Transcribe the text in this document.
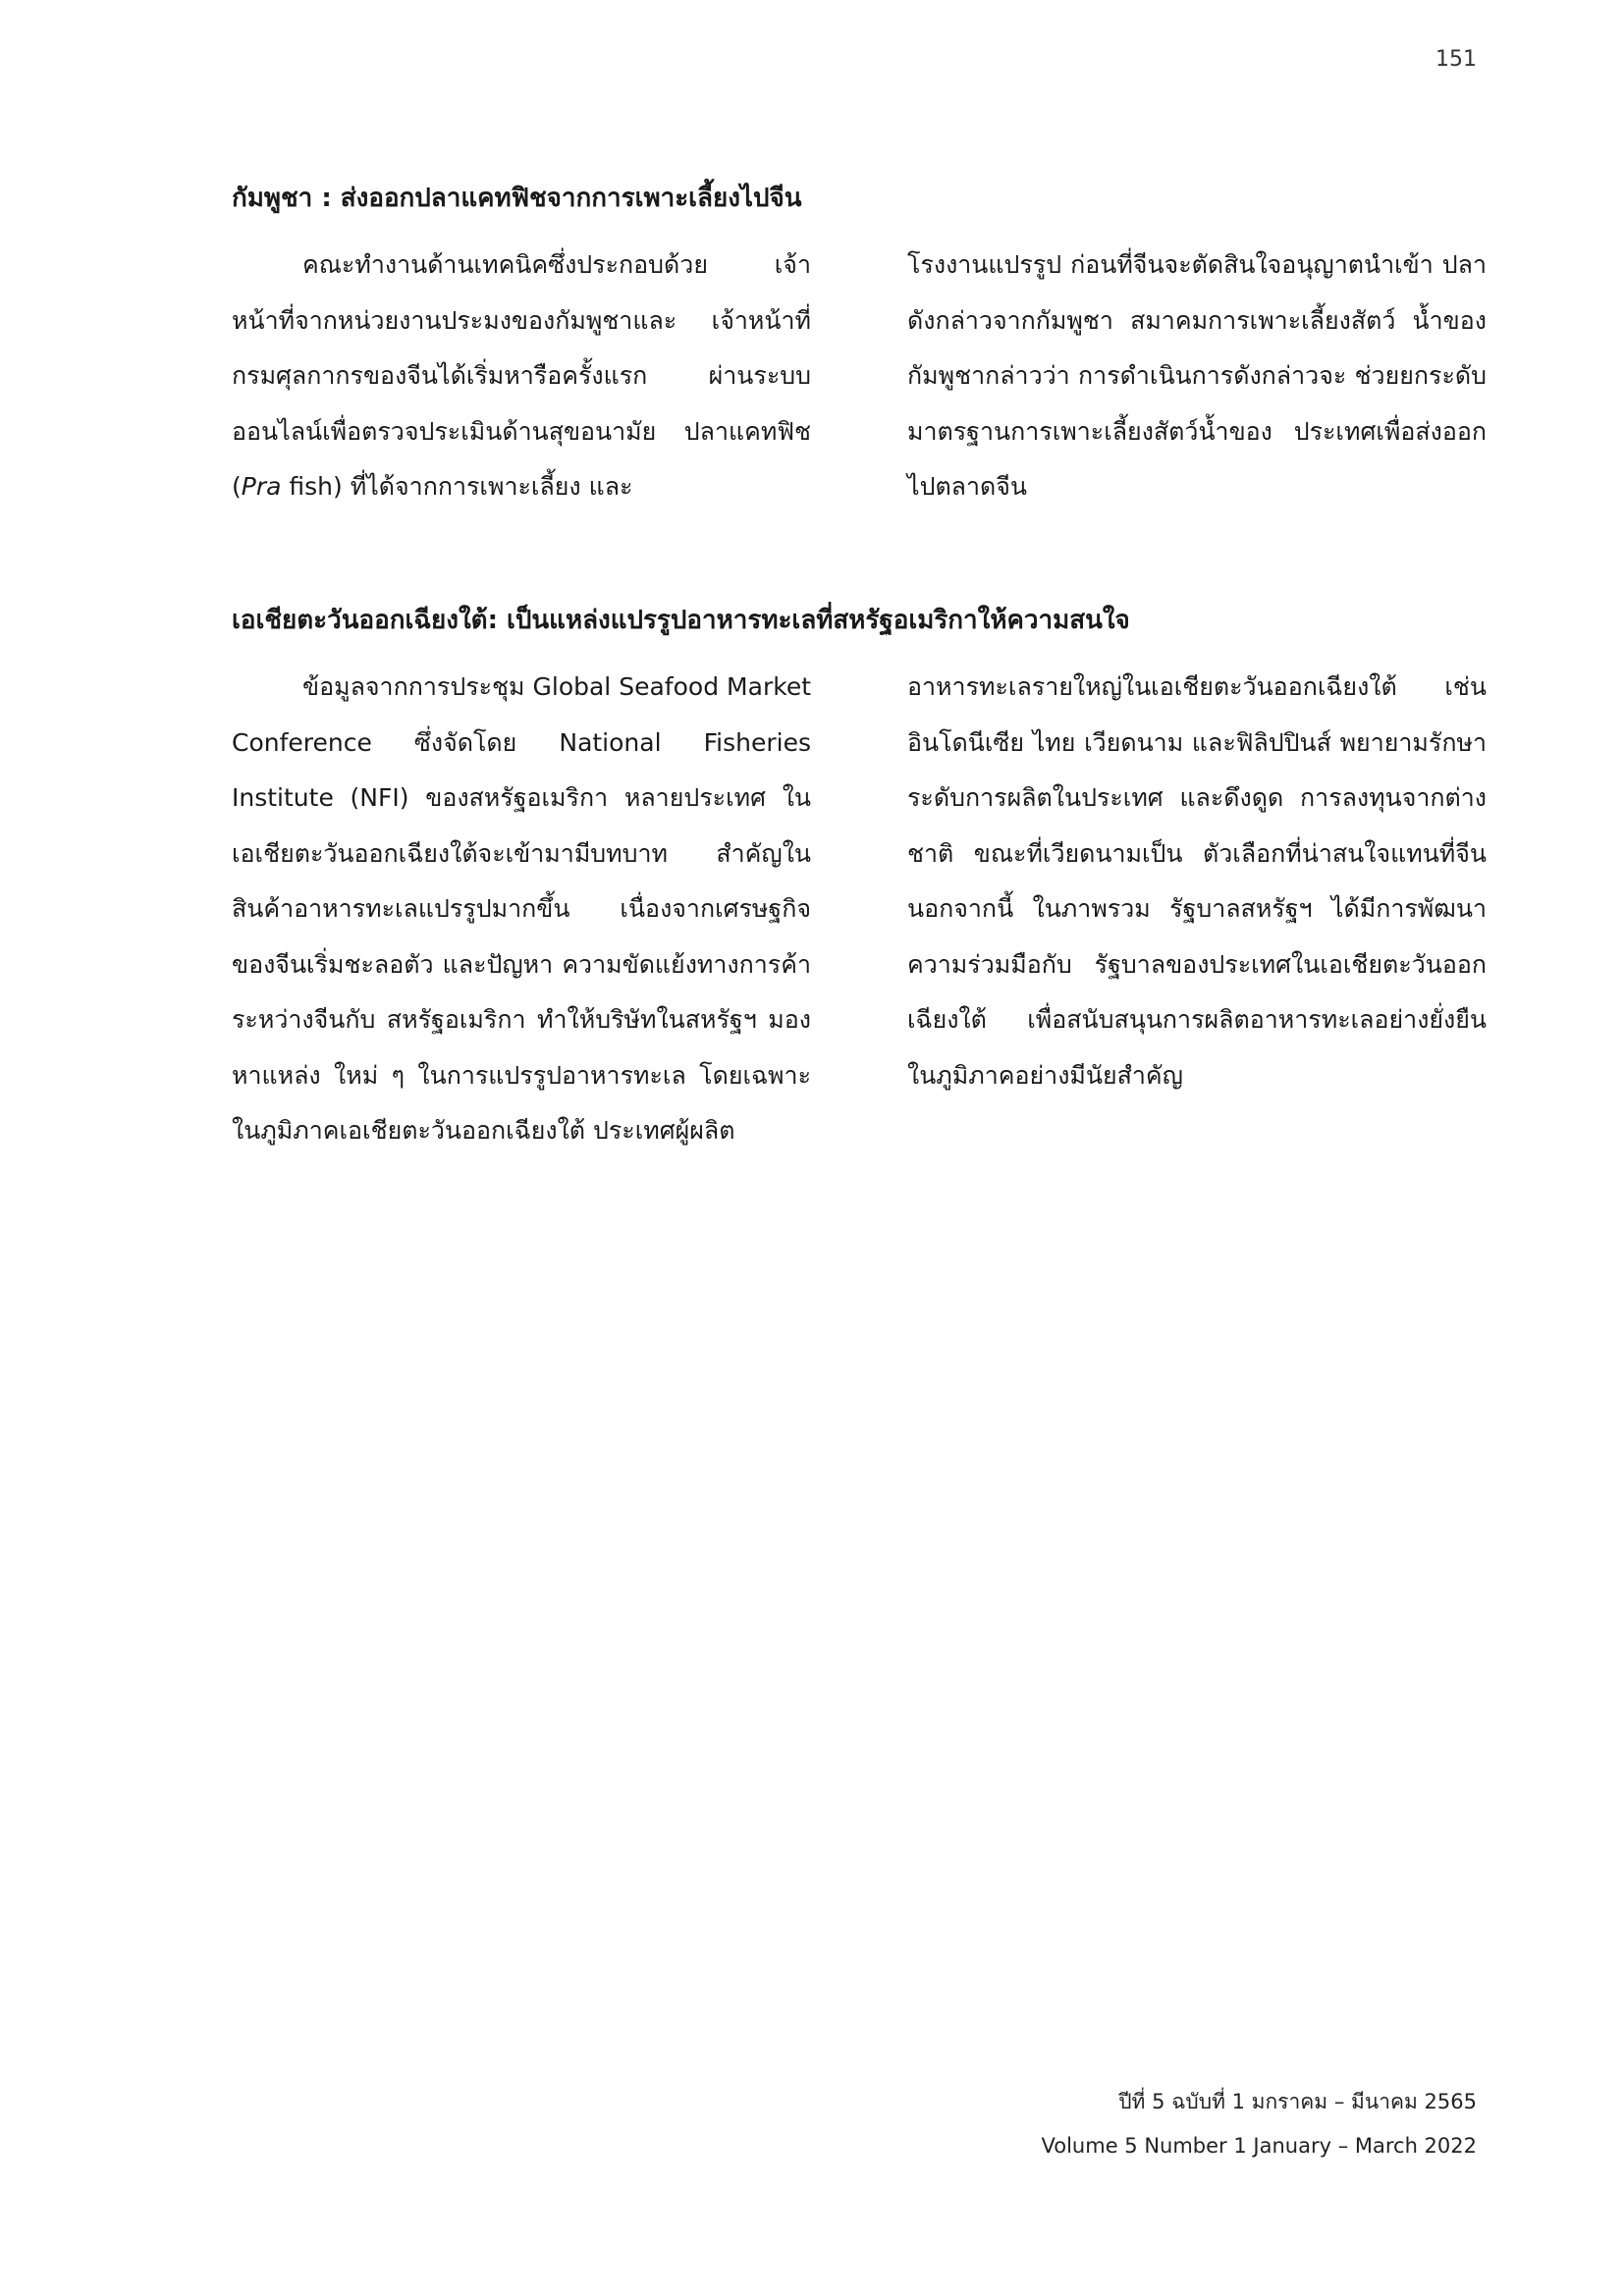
151
กัมพูชา : ส่งออกปลาแคทฟิชจากการเพาะเลี้ยงไปจีน

คณะทำงานด้านเทคนิคซึ่งประกอบด้วย เจ้าหน้าที่จากหน่วยงานประมงของกัมพูชาและ เจ้าหน้าที่กรมศุลกากรของจีนได้เริ่มหารือครั้งแรก ผ่านระบบออนไลน์เพื่อตรวจประเมินด้านสุขอนามัย ปลาแคทฟิช (Pra fish) ที่ได้จากการเพาะเลี้ยง และ

โรงงานแปรรูป ก่อนที่จีนจะตัดสินใจอนุญาตนำเข้า ปลาดังกล่าวจากกัมพูชา สมาคมการเพาะเลี้ยงสัตว์ น้ำของกัมพูชากล่าวว่า การดำเนินการดังกล่าวจะ ช่วยยกระดับมาตรฐานการเพาะเลี้ยงสัตว์น้ำของ ประเทศเพื่อส่งออกไปตลาดจีน

เอเชียตะวันออกเฉียงใต้: เป็นแหล่งแปรรูปอาหารทะเลที่สหรัฐอเมริกาให้ความสนใจ

ข้อมูลจากการประชุม Global Seafood Market Conference ซึ่งจัดโดย National Fisheries Institute (NFI) ของสหรัฐอเมริกา หลายประเทศ ในเอเชียตะวันออกเฉียงใต้จะเข้ามามีบทบาท สำคัญในสินค้าอาหารทะเลแปรรูปมากขึ้น เนื่องจากเศรษฐกิจของจีนเริ่มชะลอตัว และปัญหา ความขัดแย้งทางการค้าระหว่างจีนกับ สหรัฐอเมริกา ทำให้บริษัทในสหรัฐฯ มองหาแหล่ง ใหม่ ๆ ในการแปรรูปอาหารทะเล โดยเฉพาะ ในภูมิภาคเอเชียตะวันออกเฉียงใต้ ประเทศผู้ผลิต

อาหารทะเลรายใหญ่ในเอเชียตะวันออกเฉียงใต้ เช่น อินโดนีเซีย ไทย เวียดนาม และฟิลิปปินส์ พยายามรักษาระดับการผลิตในประเทศ และดึงดูด การลงทุนจากต่างชาติ ขณะที่เวียดนามเป็น ตัวเลือกที่น่าสนใจแทนที่จีน นอกจากนี้ ในภาพรวม รัฐบาลสหรัฐฯ ได้มีการพัฒนาความร่วมมือกับ รัฐบาลของประเทศในเอเชียตะวันออกเฉียงใต้ เพื่อสนับสนุนการผลิตอาหารทะเลอย่างยั่งยืน ในภูมิภาคอย่างมีนัยสำคัญ

ปีที่ 5 ฉบับที่ 1 มกราคม – มีนาคม 2565
Volume 5 Number 1 January – March 2022
